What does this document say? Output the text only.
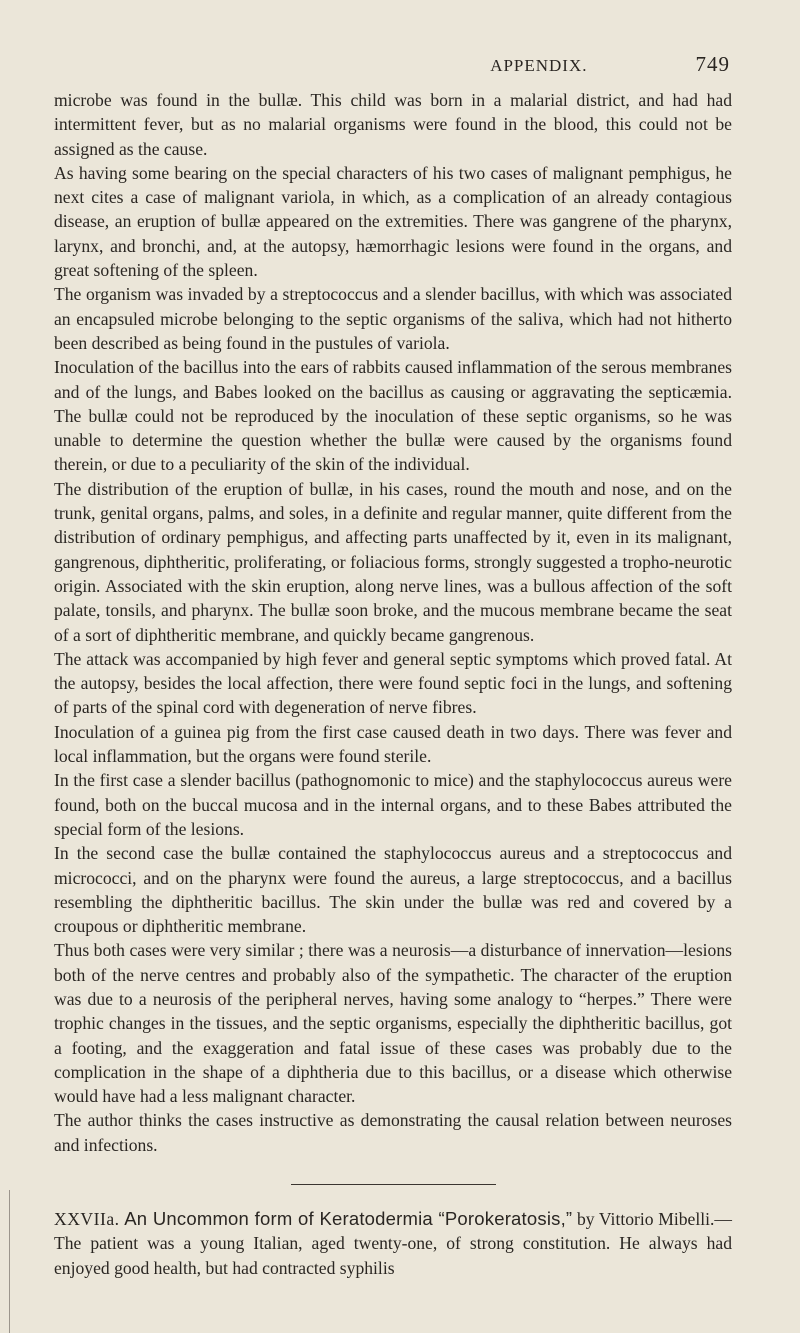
APPENDIX.	749

microbe was found in the bullæ. This child was born in a malarial district, and had had intermittent fever, but as no malarial organisms were found in the blood, this could not be assigned as the cause.

As having some bearing on the special characters of his two cases of malignant pemphigus, he next cites a case of malignant variola, in which, as a complication of an already contagious disease, an eruption of bullæ appeared on the extremities. There was gangrene of the pharynx, larynx, and bronchi, and, at the autopsy, hæmorrhagic lesions were found in the organs, and great softening of the spleen.

The organism was invaded by a streptococcus and a slender bacillus, with which was associated an encapsuled microbe belonging to the septic organisms of the saliva, which had not hitherto been described as being found in the pustules of variola.

Inoculation of the bacillus into the ears of rabbits caused inflammation of the serous membranes and of the lungs, and Babes looked on the bacillus as causing or aggravating the septicæmia. The bullæ could not be reproduced by the inoculation of these septic organisms, so he was unable to determine the question whether the bullæ were caused by the organisms found therein, or due to a peculiarity of the skin of the individual.

The distribution of the eruption of bullæ, in his cases, round the mouth and nose, and on the trunk, genital organs, palms, and soles, in a definite and regular manner, quite different from the distribution of ordinary pemphigus, and affecting parts unaffected by it, even in its malignant, gangrenous, diphtheritic, proliferating, or foliacious forms, strongly suggested a tropho-neurotic origin. Associated with the skin eruption, along nerve lines, was a bullous affection of the soft palate, tonsils, and pharynx. The bullæ soon broke, and the mucous membrane became the seat of a sort of diphtheritic membrane, and quickly became gangrenous.

The attack was accompanied by high fever and general septic symptoms which proved fatal. At the autopsy, besides the local affection, there were found septic foci in the lungs, and softening of parts of the spinal cord with degeneration of nerve fibres.

Inoculation of a guinea pig from the first case caused death in two days. There was fever and local inflammation, but the organs were found sterile.

In the first case a slender bacillus (pathognomonic to mice) and the staphylococcus aureus were found, both on the buccal mucosa and in the internal organs, and to these Babes attributed the special form of the lesions.

In the second case the bullæ contained the staphylococcus aureus and a streptococcus and micrococci, and on the pharynx were found the aureus, a large streptococcus, and a bacillus resembling the diphtheritic bacillus. The skin under the bullæ was red and covered by a croupous or diphtheritic membrane.

Thus both cases were very similar ; there was a neurosis—a disturbance of innervation—lesions both of the nerve centres and probably also of the sympathetic. The character of the eruption was due to a neurosis of the peripheral nerves, having some analogy to “herpes.” There were trophic changes in the tissues, and the septic organisms, especially the diphtheritic bacillus, got a footing, and the exaggeration and fatal issue of these cases was probably due to the complication in the shape of a diphtheria due to this bacillus, or a disease which otherwise would have had a less malignant character.

The author thinks the cases instructive as demonstrating the causal relation between neuroses and infections.

XXVIIa. An Uncommon form of Keratodermia “Porokeratosis,” by Vittorio Mibelli.—The patient was a young Italian, aged twenty-one, of strong constitution. He always had enjoyed good health, but had contracted syphilis
